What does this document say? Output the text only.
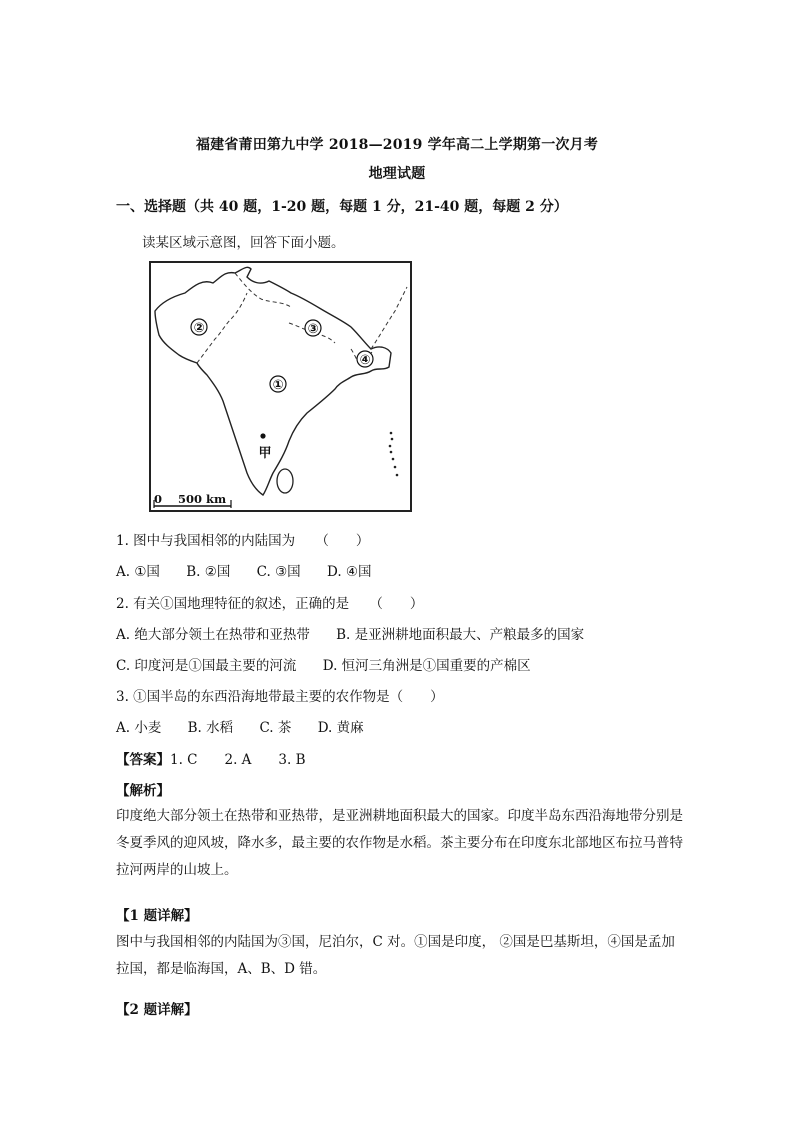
福建省莆田第九中学 2018—2019 学年高二上学期第一次月考
地理试题
一、选择题（共 40 题，1-20 题，每题 1 分，21-40 题，每题 2 分）
读某区域示意图，回答下面小题。
②	③
④
①
甲
0    500 km
1. 图中与我国相邻的内陆国为　　（　　）
A. ①国 B. ②国 C. ③国 D. ④国
2. 有关①国地理特征的叙述，正确的是　　（　　）
A. 绝大部分领土在热带和亚热带 B. 是亚洲耕地面积最大、产粮最多的国家
C. 印度河是①国最主要的河流 D. 恒河三角洲是①国重要的产棉区
3. ①国半岛的东西沿海地带最主要的农作物是（　　）
A. 小麦 B. 水稻 C. 茶 D. 黄麻
【答案】1. C　　2. A　　3. B
【解析】
印度绝大部分领土在热带和亚热带，是亚洲耕地面积最大的国家。印度半岛东西沿海地带分别是冬夏季风的迎风坡，降水多，最主要的农作物是水稻。茶主要分布在印度东北部地区布拉马普特拉河两岸的山坡上。
【1 题详解】
图中与我国相邻的内陆国为③国，尼泊尔，C 对。①国是印度， ②国是巴基斯坦，④国是孟加拉国，都是临海国，A、B、D 错。
【2 题详解】
